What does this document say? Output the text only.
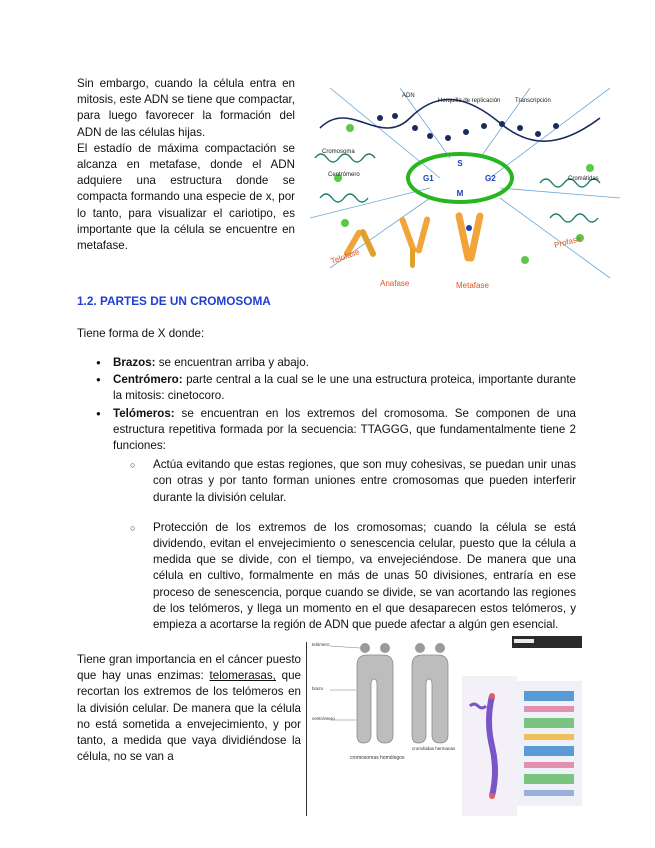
Sin embargo, cuando la célula entra en mitosis, este ADN se tiene que compactar, para luego favorecer la formación del ADN de las células hijas.

El estadío de máxima compactación se alcanza en metafase, donde el ADN adquiere una estructura donde se compacta formando una especie de x, por lo tanto, para visualizar el cariotipo, es importante que la célula se encuentre en metafase.

S
G1	G2
M
ADN
Horquilla de replicación Transcripción
Cromosoma
Centrómero
Cromátidas
Telofase
Anafase	Metafase
Profase
1.2. PARTES DE UN CROMOSOMA
Tiene forma de X donde:
● Brazos: se encuentran arriba y abajo.
● Centrómero: parte central a la cual se le une una estructura proteica, importante durante la mitosis: cinetocoro.
● Telómeros: se encuentran en los extremos del cromosoma. Se componen de una estructura repetitiva formada por la secuencia: TTAGGG, que fundamentalmente tiene 2 funciones:
○ Actúa evitando que estas regiones, que son muy cohesivas, se puedan unir unas con otras y por tanto forman uniones entre cromosomas que pueden interferir durante la división celular.
○ Protección de los extremos de los cromosomas; cuando la célula se está dividendo, evitan el envejecimiento o senescencia celular, puesto que la célula a medida que se divide, con el tiempo, va envejeciéndose. De manera que una célula en cultivo, formalmente en más de unas 50 divisiones, entraría en ese proceso de senescencia, porque cuando se divide, se van acortando las regiones de los telómeros, y llega un momento en el que desaparecen estos telómeros, y empieza a acortarse la región de ADN que puede afectar a algún gen esencial.
Tiene gran importancia en el cáncer puesto que hay unas enzimas: telomerasas, que recortan los extremos de los telómeros en la división celular. De manera que la célula no está sometida a envejecimiento, y por tanto, a medida que vaya dividiéndose la célula, no se van a
telómero
brazo
centrómero
cromátidas hermanas
cromosomas homólogos
